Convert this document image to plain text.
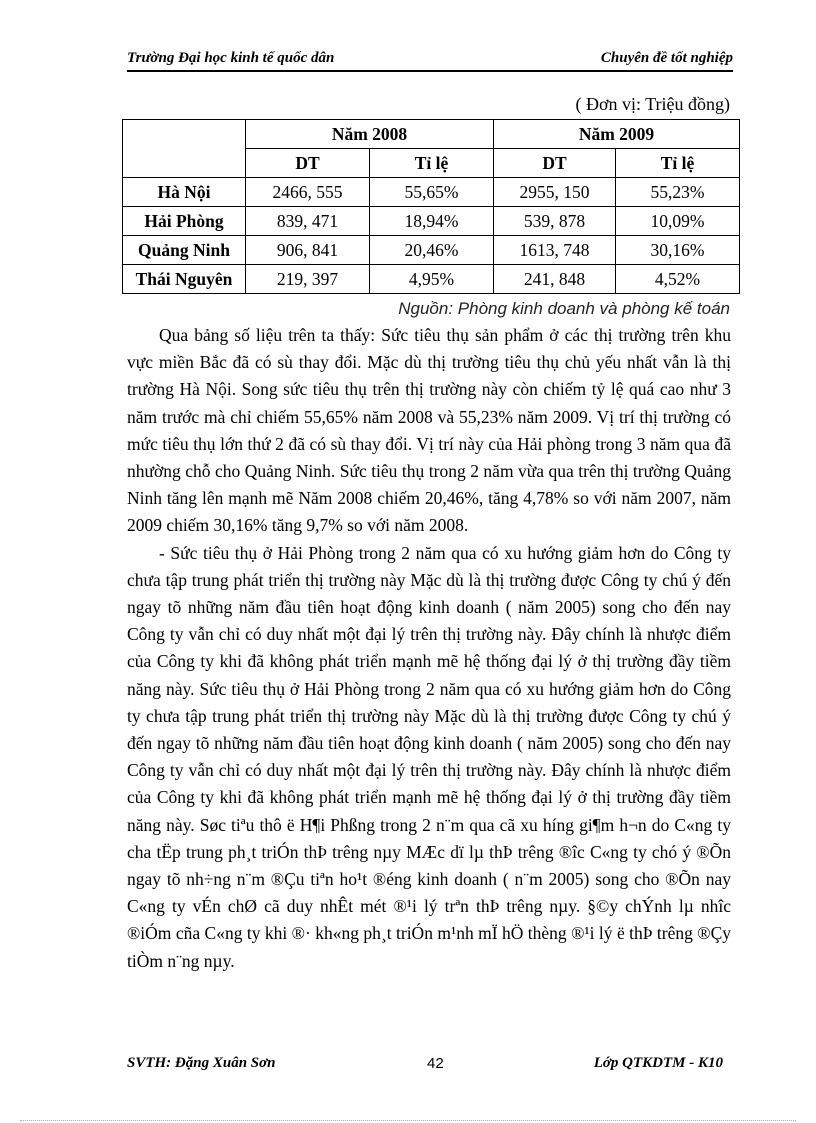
Trường Đại học kinh tế quốc dân	Chuyên đề tốt nghiệp
( Đơn vị: Triệu đồng)
	Năm 2008		Năm 2009	
	DT	Tỉ lệ	DT	Tỉ lệ
Hà Nội	2466, 555	55,65%	2955, 150	55,23%
Hải Phòng	839, 471	18,94%	539, 878	10,09%
Quảng Ninh	906, 841	20,46%	1613, 748	30,16%
Thái Nguyên	219, 397	4,95%	241, 848	4,52%
Nguồn: Phòng kinh doanh và phòng kế toán

Qua bảng số liệu trên ta thấy: Sức tiêu thụ sản phẩm ở các thị trường trên khu vực miền Bắc đã có sù thay đổi. Mặc dù thị trường tiêu thụ chủ yếu nhất vẫn là thị trường Hà Nội. Song sức tiêu thụ trên thị trường này còn chiếm tỷ lệ quá cao như 3 năm trước mà chỉ chiếm 55,65% năm 2008 và 55,23% năm 2009. Vị trí thị trường có mức tiêu thụ lớn thứ 2 đã có sù thay đổi. Vị trí này của Hải phòng trong 3 năm qua đã nhường chỗ cho Quảng Ninh. Sức tiêu thụ trong 2 năm vừa qua trên thị trường Quảng Ninh tăng lên mạnh mẽ Năm 2008 chiếm 20,46%, tăng 4,78% so với năm 2007, năm 2009 chiếm 30,16% tăng 9,7% so với năm 2008.

- Sức tiêu thụ ở Hải Phòng trong 2 năm qua có xu hướng giảm hơn do Công ty chưa tập trung phát triển thị trường này Mặc dù là thị trường được Công ty chú ý đến ngay tõ những năm đầu tiên hoạt động kinh doanh ( năm 2005) song cho đến nay Công ty vẫn chỉ có duy nhất một đại lý trên thị trường này. Đây chính là nhược điểm của Công ty khi đã không phát triển mạnh mẽ hệ thống đại lý ở thị trường đầy tiềm năng này. Sức tiêu thụ ở Hải Phòng trong 2 năm qua có xu hướng giảm hơn do Công ty chưa tập trung phát triển thị trường này Mặc dù là thị trường được Công ty chú ý đến ngay tõ những năm đầu tiên hoạt động kinh doanh ( năm 2005) song cho đến nay Công ty vẫn chỉ có duy nhất một đại lý trên thị trường này. Đây chính là nhược điểm của Công ty khi đã không phát triển mạnh mẽ hệ thống đại lý ở thị trường đầy tiềm năng này. Søc tiªu thô ë H¶i Phßng trong 2 n¨m qua cã xu híng gi¶m h¬n do C«ng ty cha tËp trung ph¸t triÓn thÞ trêng nµy MÆc dï lµ thÞ trêng ®îc C«ng ty chó ý ®Õn ngay tõ nh÷ng n¨m ®Çu tiªn ho¹t ®éng kinh doanh ( n¨m 2005) song cho ®Õn nay C«ng ty vÉn chØ cã duy nhÊt mét ®¹i lý trªn thÞ trêng nµy. §©y chÝnh lµ nhîc ®iÓm cña C«ng ty khi ®· kh«ng ph¸t triÓn m¹nh mÏ hÖ thèng ®¹i lý ë thÞ trêng ®Çy tiÒm n¨ng nµy.

SVTH: Đặng Xuân Sơn	42	Lớp QTKDTM - K10
